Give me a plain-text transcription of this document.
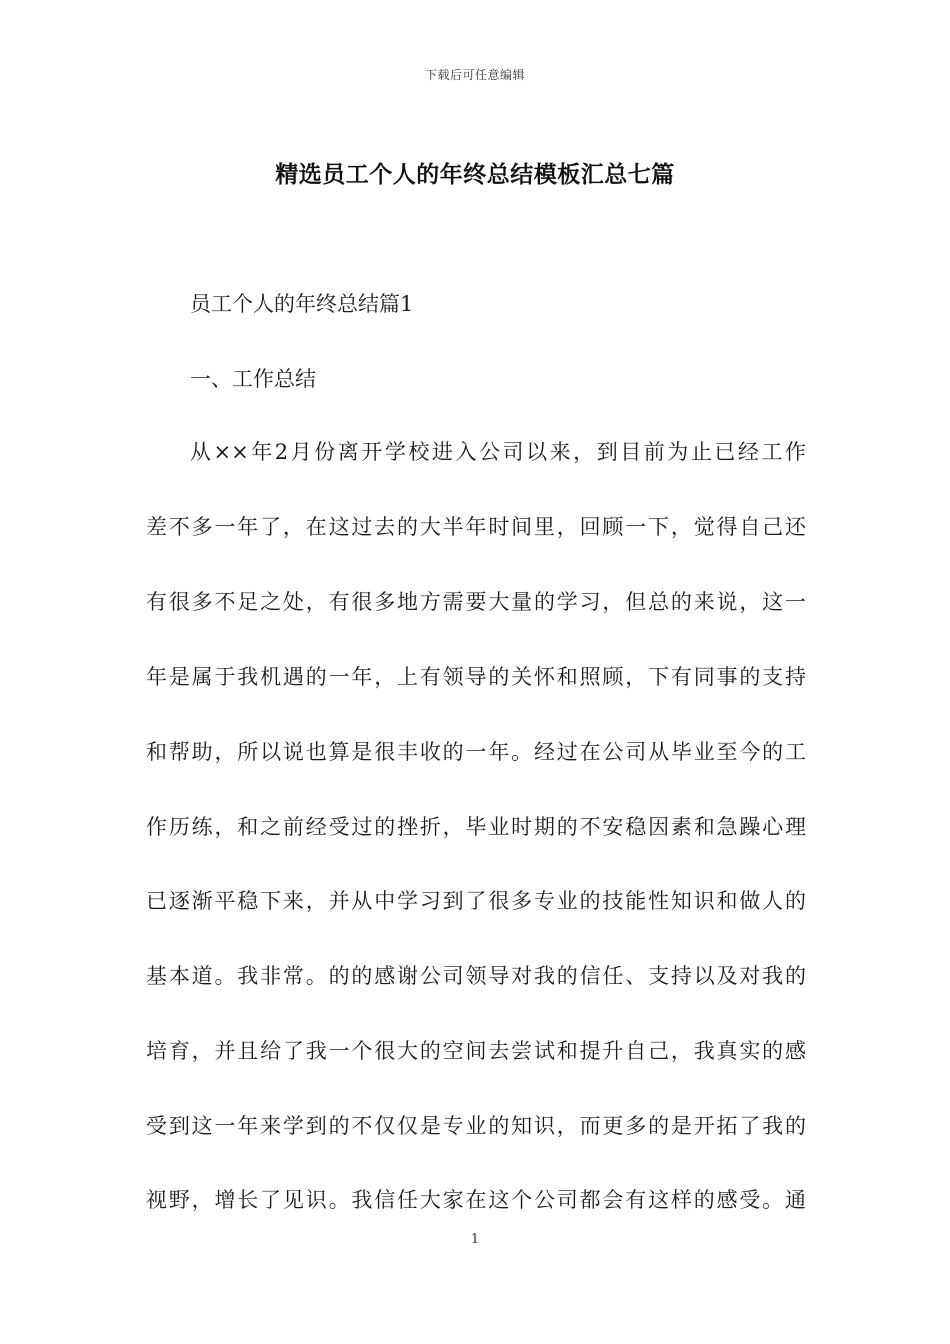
下载后可任意编辑
精选员工个人的年终总结模板汇总七篇
员工个人的年终总结篇1
一、工作总结
从××年2月份离开学校进入公司以来，到目前为止已经工作
差不多一年了，在这过去的大半年时间里，回顾一下，觉得自己还
有很多不足之处，有很多地方需要大量的学习，但总的来说，这一
年是属于我机遇的一年，上有领导的关怀和照顾，下有同事的支持
和帮助，所以说也算是很丰收的一年。经过在公司从毕业至今的工
作历练，和之前经受过的挫折，毕业时期的不安稳因素和急躁心理
已逐渐平稳下来，并从中学习到了很多专业的技能性知识和做人的
基本道。我非常。的的感谢公司领导对我的信任、支持以及对我的
培育，并且给了我一个很大的空间去尝试和提升自己，我真实的感
受到这一年来学到的不仅仅是专业的知识，而更多的是开拓了我的
视野，增长了见识。我信任大家在这个公司都会有这样的感受。通
1
